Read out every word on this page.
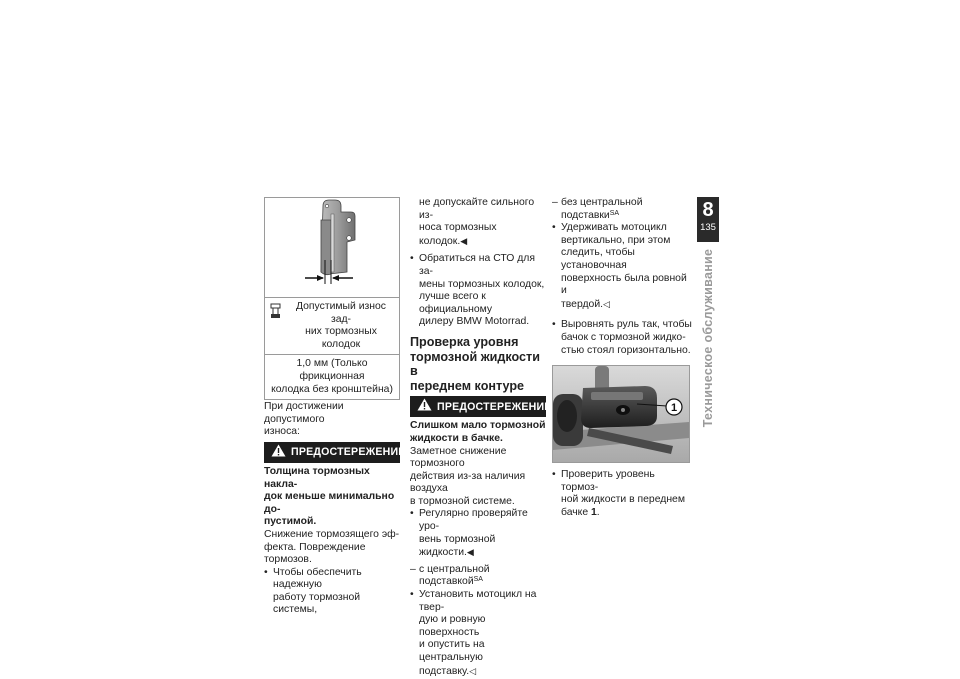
8
135
Техническое обслуживание
Допустимый износ зад-
них тормозных колодок
1,0 мм (Только фрикционная
колодка без кронштейна)

При достижении допустимого
износа:

ПРЕДОСТЕРЕЖЕНИЕ

Толщина тормозных накла-
док меньше минимально до-
пустимой.

Снижение тормозящего эф-
фекта. Повреждение тормозов.

• Чтобы обеспечить надежную
работу тормозной системы,
не допускайте сильного из-
носа тормозных колодок.◀
• Обратиться на СТО для за-
мены тормозных колодок,
лучше всего к официальному
дилеру BMW Motorrad.
Проверка уровня
тормозной жидкости в
переднем контуре
ПРЕДОСТЕРЕЖЕНИЕ

Слишком мало тормозной
жидкости в бачке.

Заметное снижение тормозного
действия из-за наличия воздуха
в тормозной системе.

• Регулярно проверяйте уро-
вень тормозной жидкости.◀
– с центральной подставкой$^{SA}$
• Установить мотоцикл на твер-
дую и ровную поверхность
и опустить на центральную
подставку.◁
– без центральной подставки$^{SA}$
• Удерживать мотоцикл
вертикально, при этом
следить, чтобы установочная
поверхность была ровной и
твердой.◁
• Выровнять руль так, чтобы
бачок с тормозной жидко-
стью стоял горизонтально.
1
• Проверить уровень тормоз-
ной жидкости в переднем
бачке 1.
